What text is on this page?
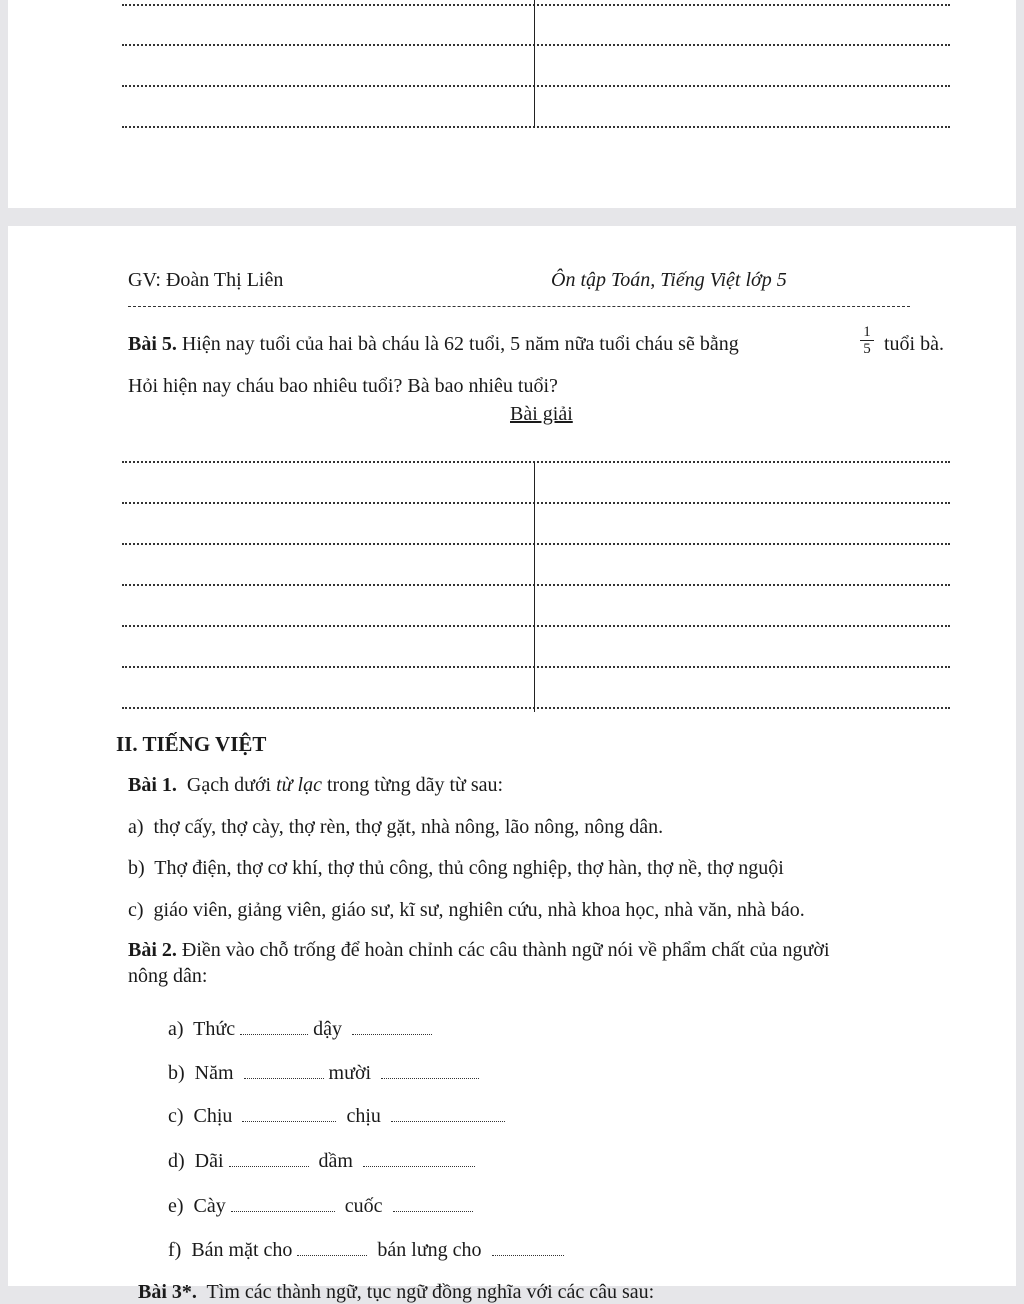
GV: Đoàn Thị Liên	Ôn tập Toán, Tiếng Việt lớp 5
Bài 5. Hiện nay tuổi của hai bà cháu là 62 tuổi, 5 năm nữa tuổi cháu sẽ bằng	$\frac{1}{5}$ tuổi bà.
Hỏi hiện nay cháu bao nhiêu tuổi? Bà bao nhiêu tuổi?
Bài giải
II. TIẾNG VIỆT
Bài 1.  Gạch dưới từ lạc trong từng dãy từ sau:
a)  thợ cấy, thợ cày, thợ rèn, thợ gặt, nhà nông, lão nông, nông dân.
b)  Thợ điện, thợ cơ khí, thợ thủ công, thủ công nghiệp, thợ hàn, thợ nề, thợ nguội
c)  giáo viên, giảng viên, giáo sư, kĩ sư, nghiên cứu, nhà khoa học, nhà văn, nhà báo.
Bài 2. Điền vào chỗ trống để hoàn chỉnh các câu thành ngữ nói về phẩm chất của người
nông dân:

a)  Thức	dậy

b)  Năm	mười

c)  Chịu	chịu

d)  Dãi	dầm

e)  Cày	cuốc

f)  Bán mặt cho	bán lưng cho

Bài 3*.  Tìm các thành ngữ, tục ngữ đồng nghĩa với các câu sau:
